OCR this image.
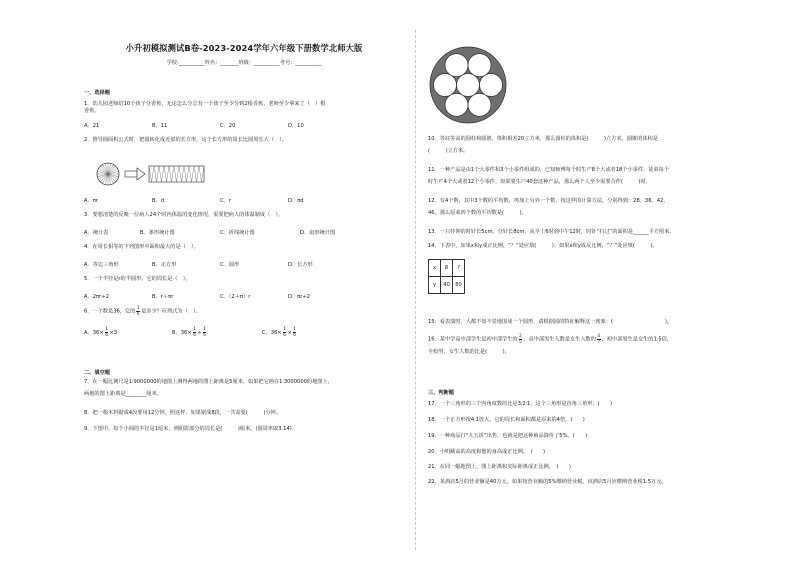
小升初模拟测试B卷-2023-2024学年六年级下册数学北师大版
学校:__________姓名：_______班级：__________考号：__________
一、选择题
1．幼儿园老师给10个孩子分香蕉，无论怎么分总有一个孩子至少分到2根香蕉，老师至少拿来了（　）根
香蕉。
A．21	B．11	C．20	D．10
2．推导圆面积公式时，把圆转化成近似的长方形，这个长方形的周长比圆周长大（　）。
A．πr	B．d	C．r	D．πd
3．要想清楚的反映一位病人24个时内体温的变化情况，需要把病人的体温制成（　）。
A．统计表	B．条形统计图	C．折线统计图	D．扇形统计图
4．在周长相等的下列图形中面积最大的是（　）。
A．等边三角形	B．正方形	C．圆形	D．长方形
5．一个半径是r的半圆形，它的周长是（　）。
A．2πr÷2	B．r＋πr	C．（2＋π）r	D．πr÷2
6．一个数是36，它的 $\frac{1}{6}$ 是多少？应列式为（　）。
A．$36\times \frac{1}{6} \times 3$	B．$36\times \frac{1}{6} \div \frac{1}{6}$	C．$36\times \frac{1}{6} \times \frac{1}{6}$
二、填空题
7．在一幅比例尺是1∶9000000的地图上测得两地的图上距离是5厘米，如果把它画在1∶3000000的地图上，
两地的图上距离是________厘米。
8．把一根木料锯成4段要用12分钟，照这样，如果锯成8段，一共需要(　　　)分钟。
9．下图中，每个小圆的半径是1厘米，则阴影部分的周长是(　　　)厘米。(圆周率取3.14)
10．等底等高的圆柱和圆锥，体积相差20立方米，那么圆柱的体积是(　　　)立方米，圆锥的体积是
(　　　)立方米。
11．一种产品是由1个大零件和3个小零件组成的，已知师傅每个时生产8个大或者18个小零件，徒弟每个
时生产4个大或者12个小零件。如果要生产40套这种产品，那么两个人至少需要合作(　　　)时。
12．有4个数，其中3个数的平均数，再加上另外一个数，按这样的计算方法，分别得到：28、36、42、
46。那么原来四个数的平均数是(　　　)。
13．一只挂钟的时针长5cm，分针长8cm，从早上6时到中午12时，时针“扫过”的面积是______平方厘米。
14．下表中，如果x和y成正比例，“？”处应填(　　　)；如果x和y成反比例，“？”处应填(　　　)。
x	8	?
y	40	80
15．看表演时，人都不知不觉地围成一个圆形，请根据圆的特征解释这一现象：(　　　　　　　　　　)。
16．某中学高中部学生是初中部学生的 $\frac{2}{5}$ ，高中部男生人数是女生人数的 $\frac{4}{7}$ ，初中部男生是女生的1.5倍，
全校男、女生人数的比是(　　　)。
三、判断题
17．一个三角形的三个内角度数的比是3∶2∶1，这个三角形是直角三角形。(　　)
18．一个正方形按4∶1放大，它的周长和面积都是原来的4倍。(　　)
19．一种商品打“九五折”出售，也就是把这种商品降价了5%。(　　)
20．小明跳高的高度和他的身高成正比例。　(　　)
21．在同一幅地图上，图上距离和实际距离成正比例。　(　　)
22．某酒店5月的营业额是40万元，如果按营业额的5%缴纳营业税，该酒店5月应缴纳营业税1.5万元。
